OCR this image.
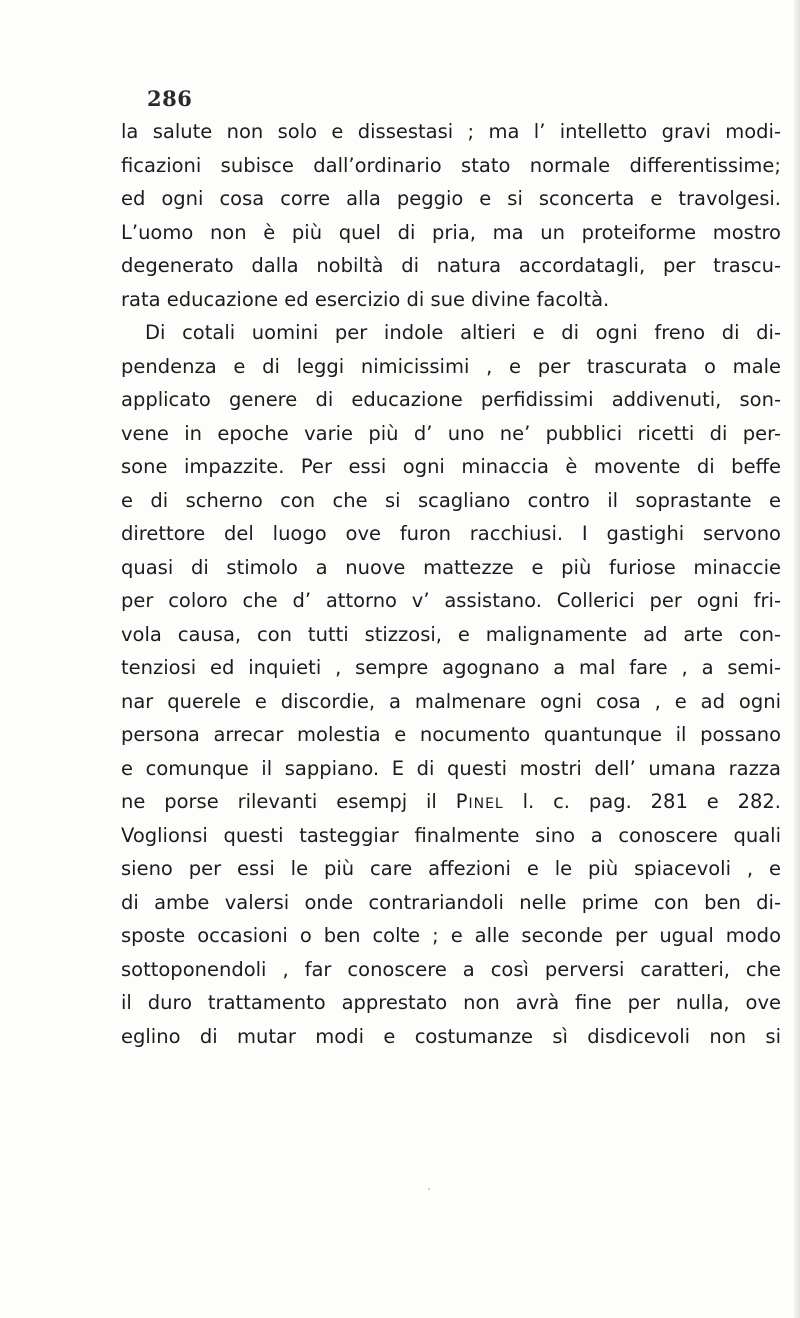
286
la salute non solo e dissestasi ; ma l’ intelletto gravi modi-
ficazioni subisce dall’ordinario stato normale differentissime;
ed ogni cosa corre alla peggio e si sconcerta e travolgesi.
L’uomo non è più quel di pria, ma un proteiforme mostro
degenerato dalla nobiltà di natura accordatagli, per trascu-
rata educazione ed esercizio di sue divine facoltà.
Di cotali uomini per indole altieri e di ogni freno di di-
pendenza e di leggi nimicissimi , e per trascurata o male
applicato genere di educazione perfidissimi addivenuti, son-
vene in epoche varie più d’ uno ne’ pubblici ricetti di per-
sone impazzite. Per essi ogni minaccia è movente di beffe
e di scherno con che si scagliano contro il soprastante e
direttore del luogo ove furon racchiusi. I gastighi servono
quasi di stimolo a nuove mattezze e più furiose minaccie
per coloro che d’ attorno v’ assistano. Collerici per ogni fri-
vola causa, con tutti stizzosi, e malignamente ad arte con-
tenziosi ed inquieti , sempre agognano a mal fare , a semi-
nar querele e discordie, a malmenare ogni cosa , e ad ogni
persona arrecar molestia e nocumento quantunque il possano
e comunque il sappiano. E di questi mostri dell’ umana razza
ne porse rilevanti esempj il Pinel l. c. pag. 281 e 282.
Voglionsi questi tasteggiar finalmente sino a conoscere quali
sieno per essi le più care affezioni e le più spiacevoli , e
di ambe valersi onde contrariandoli nelle prime con ben di-
sposte occasioni o ben colte ; e alle seconde per ugual modo
sottoponendoli , far conoscere a così perversi caratteri, che
il duro trattamento apprestato non avrà fine per nulla, ove
eglino di mutar modi e costumanze sì disdicevoli non si
